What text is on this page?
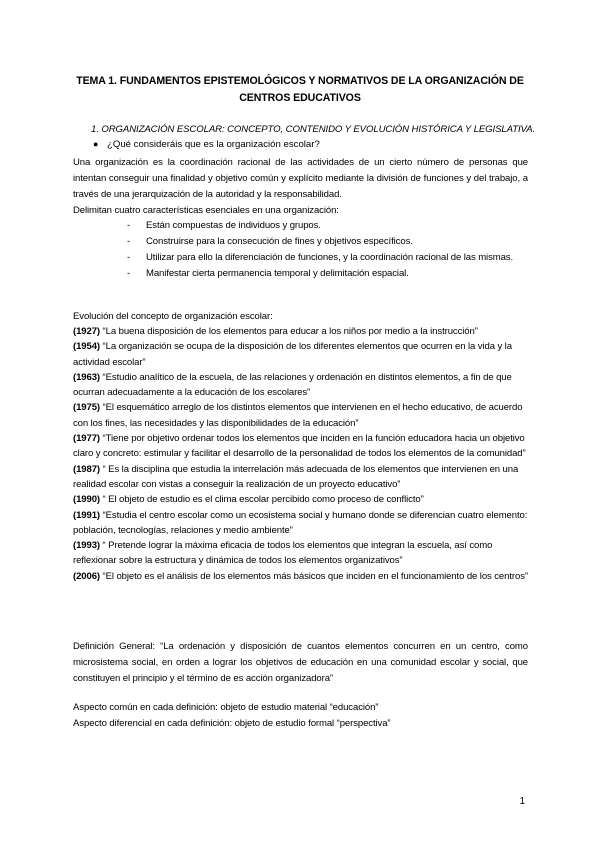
TEMA 1. FUNDAMENTOS EPISTEMOLÓGICOS Y NORMATIVOS DE LA ORGANIZACIÓN DE CENTROS EDUCATIVOS
1. ORGANIZACIÓN ESCOLAR: CONCEPTO, CONTENIDO Y EVOLUCIÓN HISTÓRICA Y LEGISLATIVA.
● ¿Qué consideráis que es la organización escolar?
Una organización es la coordinación racional de las actividades de un cierto número de personas que intentan conseguir una finalidad y objetivo común y explícito mediante la división de funciones y del trabajo, a través de una jerarquización de la autoridad y la responsabilidad.
Delimitan cuatro características esenciales en una organización:
- Están compuestas de individuos y grupos.
- Construirse para la consecución de fines y objetivos específicos.
- Utilizar para ello la diferenciación de funciones, y la coordinación racional de las mismas.
- Manifestar cierta permanencia temporal y delimitación espacial.
Evolución del concepto de organización escolar:
(1927) “La buena disposición de los elementos para educar a los niños por medio a la instrucción”
(1954) “La organización se ocupa de la disposición de los diferentes elementos que ocurren en la vida y la actividad escolar”
(1963) “Estudio analítico de la escuela, de las relaciones y ordenación en distintos elementos, a fin de que ocurran adecuadamente a la educación de los escolares”
(1975) “El esquemático arreglo de los distintos elementos que intervienen en el hecho educativo, de acuerdo con los fines, las necesidades y las disponibilidades de la educación”
(1977) “Tiene por objetivo ordenar todos los elementos que inciden en la función educadora hacia un objetivo claro y concreto: estimular y facilitar el desarrollo de la personalidad de todos los elementos de la comunidad”
(1987) “ Es la disciplina que estudia la interrelación más adecuada de los elementos que intervienen en una realidad escolar con vistas a conseguir la realización de un proyecto educativo”
(1990) “ El objeto de estudio es el clima escolar percibido como proceso de conflicto”
(1991) “Estudia el centro escolar como un ecosistema social y humano donde se diferencian cuatro elemento: población, tecnologías, relaciones y medio ambiente”
(1993) “ Pretende lograr la máxima eficacia de todos los elementos que integran la escuela, así como reflexionar sobre la estructura y dinámica de todos los elementos organizativos”
(2006) “El objeto es el análisis de los elementos más básicos que inciden en el funcionamiento de los centros”
Definición General: “La ordenación y disposición de cuantos elementos concurren en un centro, como microsistema social, en orden a lograr los objetivos de educación en una comunidad escolar y social, que constituyen el principio y el término de es acción organizadora”
Aspecto común en cada definición: objeto de estudio material “educación”
Aspecto diferencial en cada definición: objeto de estudio formal “perspectiva”
1
